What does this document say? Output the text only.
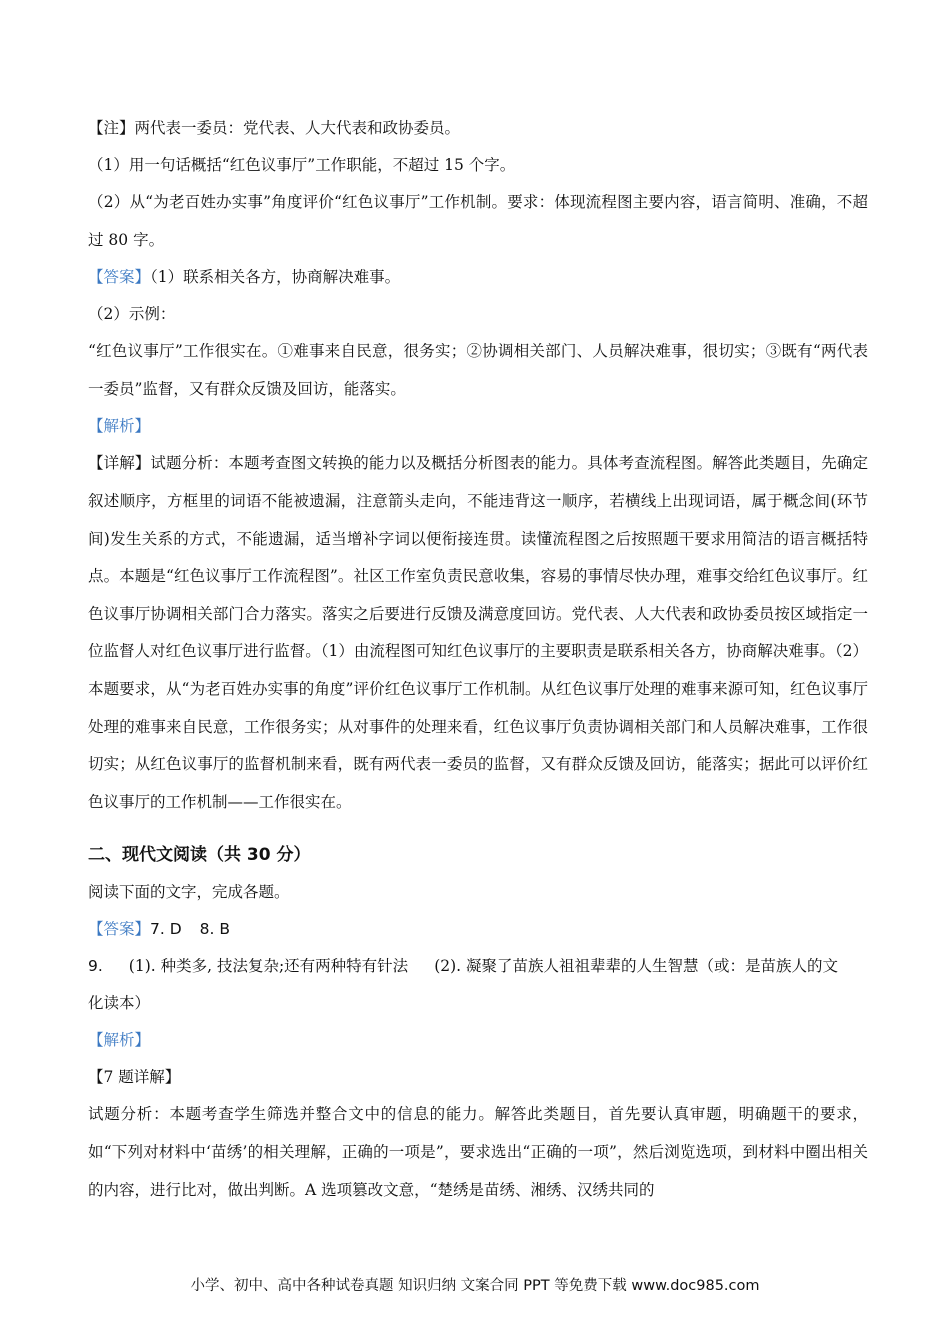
【注】两代表一委员：党代表、人大代表和政协委员。
（1）用一句话概括“红色议事厅”工作职能，不超过 15 个字。
（2）从“为老百姓办实事”角度评价“红色议事厅”工作机制。要求：体现流程图主要内容，语言简明、准确，不超过 80 字。
【答案】（1）联系相关各方，协商解决难事。
（2）示例：
“红色议事厅”工作很实在。①难事来自民意，很务实；②协调相关部门、人员解决难事，很切实；③既有“两代表一委员”监督，又有群众反馈及回访，能落实。
【解析】
【详解】试题分析：本题考查图文转换的能力以及概括分析图表的能力。具体考查流程图。解答此类题目，先确定叙述顺序，方框里的词语不能被遗漏，注意箭头走向，不能违背这一顺序，若横线上出现词语，属于概念间(环节间)发生关系的方式，不能遗漏，适当增补字词以便衔接连贯。读懂流程图之后按照题干要求用简洁的语言概括特点。本题是“红色议事厅工作流程图”。社区工作室负责民意收集，容易的事情尽快办理，难事交给红色议事厅。红色议事厅协调相关部门合力落实。落实之后要进行反馈及满意度回访。党代表、人大代表和政协委员按区域指定一位监督人对红色议事厅进行监督。（1）由流程图可知红色议事厅的主要职责是联系相关各方，协商解决难事。（2）本题要求，从“为老百姓办实事的角度”评价红色议事厅工作机制。从红色议事厅处理的难事来源可知，红色议事厅处理的难事来自民意，工作很务实；从对事件的处理来看，红色议事厅负责协调相关部门和人员解决难事，工作很切实；从红色议事厅的监督机制来看，既有两代表一委员的监督，又有群众反馈及回访，能落实；据此可以评价红色议事厅的工作机制——工作很实在。
二、现代文阅读（共 30 分）
阅读下面的文字，完成各题。
【答案】7. D 8. B
9. (1). 种类多, 技法复杂;还有两种特有针法 (2). 凝聚了苗族人祖祖辈辈的人生智慧（或：是苗族人的文
化读本）
【解析】
【7 题详解】
试题分析：本题考查学生筛选并整合文中的信息的能力。解答此类题目，首先要认真审题，明确题干的要求，如“下列对材料中‘苗绣’的相关理解，正确的一项是”，要求选出“正确的一项”，然后浏览选项，到材料中圈出相关的内容，进行比对，做出判断。A 选项篡改文意，“楚绣是苗绣、湘绣、汉绣共同的
小学、初中、高中各种试卷真题 知识归纳 文案合同 PPT 等免费下载 www.doc985.com
